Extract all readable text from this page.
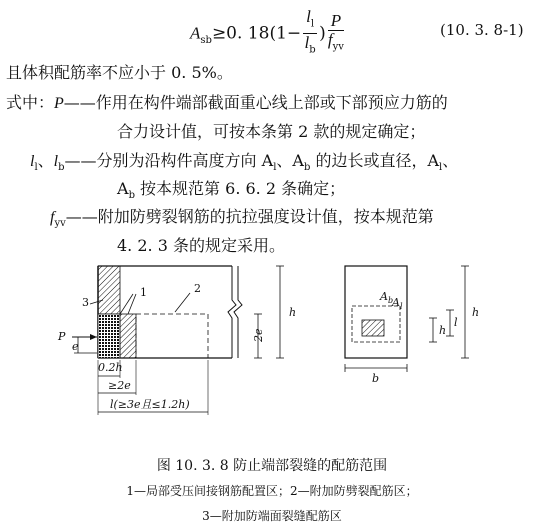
$A_{sb}\ge 0$. $18(1- \frac{l_l}{l_b}$ ) $\frac{P}{f_{yv}}$	(10. 3. 8-1)
且体积配筋率不应小于 0. 5%。
式中：P——作用在构件端部截面重心线上部或下部预应力筋的
合力设计值，可按本条第 2 款的规定确定；
$l_l$、$l_b——$分别为沿构件高度方向 $A_l$、$A_b$ 的边长或直径，$A_l$、
$A_b$ 按本规范第 6. 6. 2 条确定；
$f_{yv}——$附加防劈裂钢筋的抗拉强度设计值，按本规范第
4. 2. 3 条的规定采用。
3
1	2
P
e
2e
h
0.2h
≥2e
l(≥3e且≤1.2h)
$A_b$
$A_l$
b
h
h
l
图 10. 3. 8 防止端部裂缝的配筋范围
1—局部受压间接钢筋配置区；2—附加防劈裂配筋区；
3—附加防端面裂缝配筋区
